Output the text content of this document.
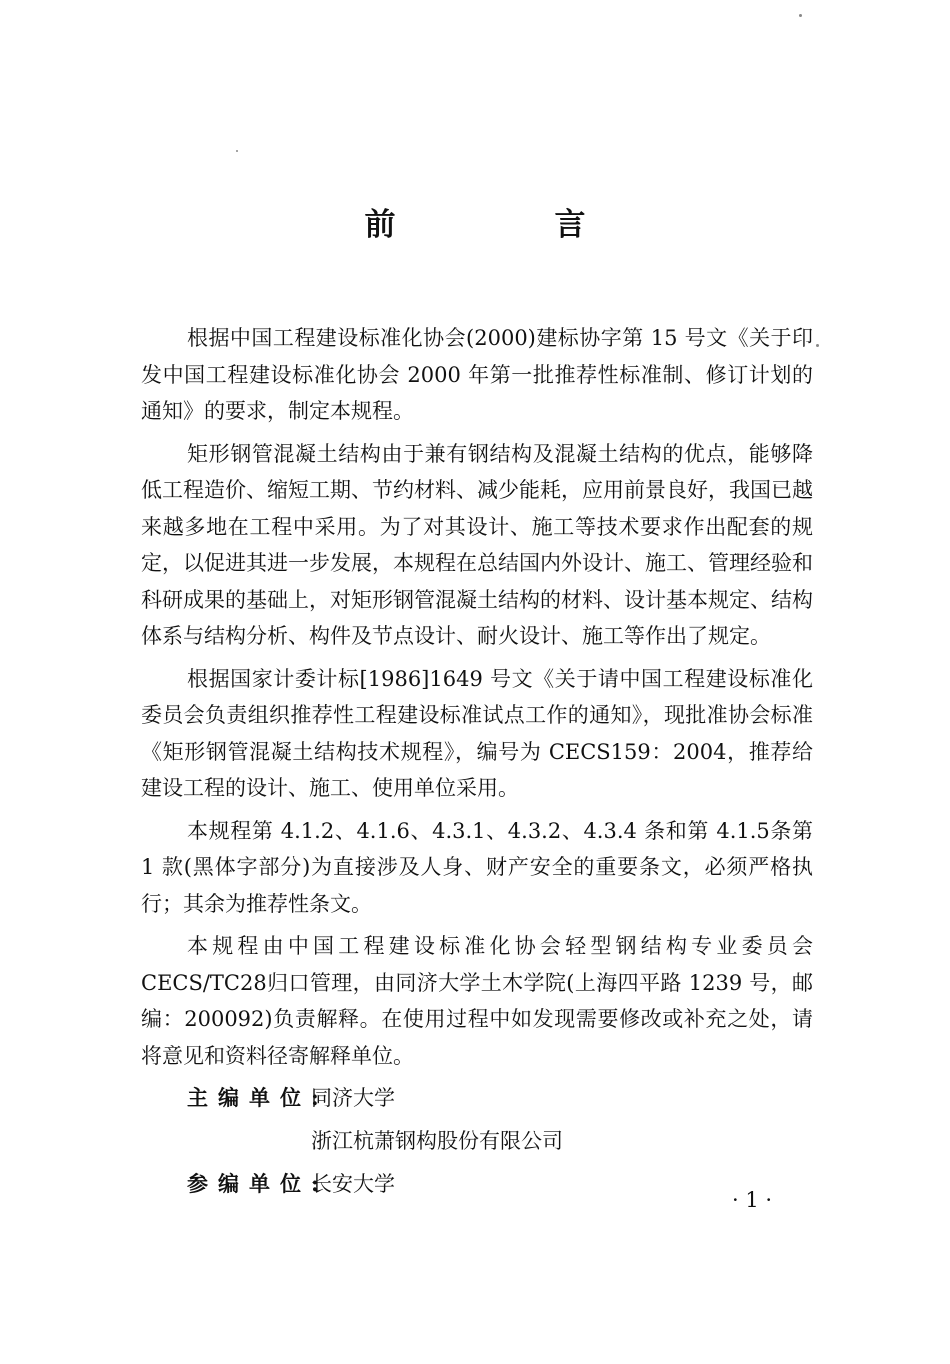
前　言

根据中国工程建设标准化协会(2000)建标协字第 15 号文《关于印发中国工程建设标准化协会 2000 年第一批推荐性标准制、修订计划的通知》的要求，制定本规程。

矩形钢管混凝土结构由于兼有钢结构及混凝土结构的优点，能够降低工程造价、缩短工期、节约材料、减少能耗，应用前景良好，我国已越来越多地在工程中采用。为了对其设计、施工等技术要求作出配套的规定，以促进其进一步发展，本规程在总结国内外设计、施工、管理经验和科研成果的基础上，对矩形钢管混凝土结构的材料、设计基本规定、结构体系与结构分析、构件及节点设计、耐火设计、施工等作出了规定。

根据国家计委计标[1986]1649 号文《关于请中国工程建设标准化委员会负责组织推荐性工程建设标准试点工作的通知》，现批准协会标准《矩形钢管混凝土结构技术规程》，编号为 CECS159：2004，推荐给建设工程的设计、施工、使用单位采用。

本规程第 4.1.2、4.1.6、4.3.1、4.3.2、4.3.4 条和第 4.1.5条第 1 款(黑体字部分)为直接涉及人身、财产安全的重要条文，必须严格执行；其余为推荐性条文。

本规程由中国工程建设标准化协会轻型钢结构专业委员会 CECS/TC28归口管理，由同济大学土木学院(上海四平路 1239 号，邮编：200092)负责解释。在使用过程中如发现需要修改或补充之处，请将意见和资料径寄解释单位。

主编单位:
同济大学
浙江杭萧钢构股份有限公司
参编单位:
长安大学
· 1 ·
